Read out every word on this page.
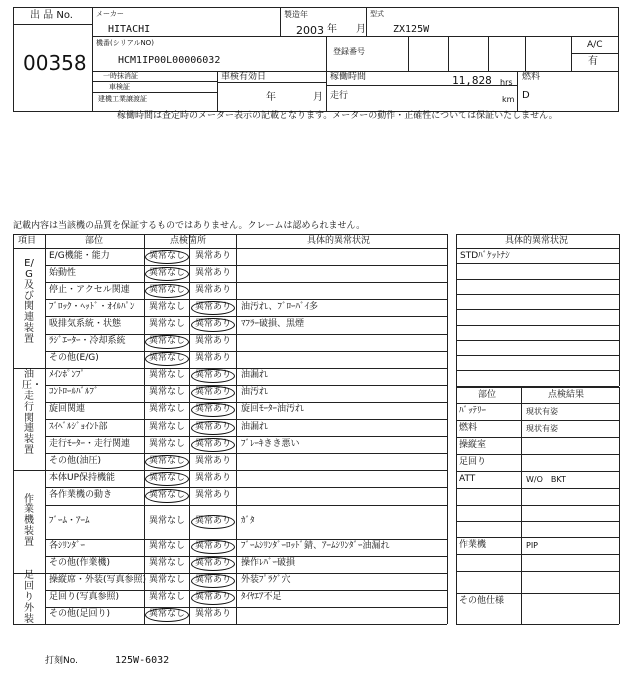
出 品 No.
00358
メーカー
HITACHI
製造年
2003 年 月
型式
ZX125W
機番(シリアルNO)
HCM1IP00L00006032
登録番号
A/C
有
一時抹消証
車検証
建機工業譲渡証
車検有効日
年	月
稼働時間	11,828 hrs
走行	km
燃料
D
稼働時間は査定時のメーター表示の記載となります。メーターの動作・正確性については保証いたしません。
記載内容は当該機の品質を保証するものではありません。クレームは認められません。
項目	部位	点検箇所	具体的異常状況
E/G機能・能力	異常なし 異常あり
始動性	異常なし 異常あり
停止・アクセル関連 異常なし 異常あり
ﾌﾞﾛｯｸ・ﾍｯﾄﾞ・ｵｲﾙﾊﾟﾝ 異常なし 異常あり 油汚れ、ﾌﾞﾛｰﾊﾞｲ多
吸排気系統・状態	異常なし 異常あり ﾏﾌﾗｰ破損、黒煙
ﾗｼﾞｴｰﾀｰ・冷却系統	異常なし 異常あり
その他(E/G)	異常なし 異常あり
E/G及び関連装置
ﾒｲﾝﾎﾟﾝﾌﾟ	異常なし 異常あり 油漏れ
ｺﾝﾄﾛｰﾙﾊﾞﾙﾌﾞ	異常なし 異常あり 油汚れ
旋回関連	異常なし 異常あり 旋回ﾓｰﾀｰ油汚れ
ｽｲﾍﾞﾙｼﾞｮｲﾝﾄ部	異常なし 異常あり 油漏れ
走行ﾓｰﾀｰ・走行関連 異常なし 異常あり ﾌﾞﾚｰｷきき悪い
その他(油圧)	異常なし 異常あり
油圧・走行関連装置
本体UP保持機能	異常なし 異常あり
各作業機の動き	異常なし 異常あり
ﾌﾞｰﾑ・ｱｰﾑ	異常なし 異常あり ｶﾞﾀ
各ｼﾘﾝﾀﾞｰ	異常なし 異常あり ﾌﾞｰﾑｼﾘﾝﾀﾞｰﾛｯﾄﾞ錆、ｱｰﾑｼﾘﾝﾀﾞｰ油漏れ
その他(作業機)	異常なし 異常あり 操作ﾚﾊﾞｰ破損
作業機装置
操縦席・外装(写真参照) 異常なし 異常あり 外装ﾌﾟﾗｸﾞ穴
足回り(写真参照)	異常なし 異常あり ﾀｲﾔｴｱ不足
その他(足回り)	異常なし 異常あり
足回り外装
具体的異常状況
STDﾊﾞｹｯﾄﾅｼ
部位	点検結果
ﾊﾞｯﾃﾘｰ	現状有姿
燃料	現状有姿
操縦室
足回り
ATT	W/O　BKT
作業機	PIP
その他仕様
打刻No.	125W-6032
